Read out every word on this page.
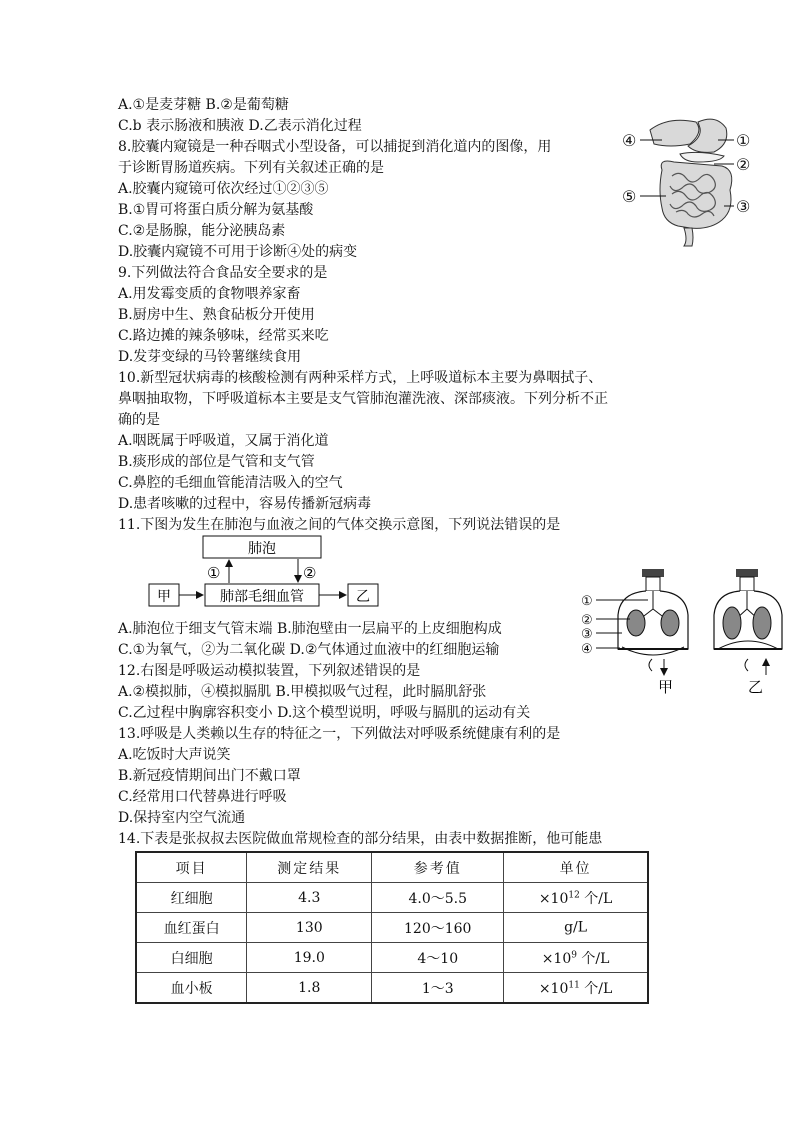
A.①是麦芽糖 B.②是葡萄糖
C.b 表示肠液和胰液 D.乙表示消化过程
8.胶囊内窥镜是一种吞咽式小型设备，可以捕捉到消化道内的图像，用
于诊断胃肠道疾病。下列有关叙述正确的是
A.胶囊内窥镜可依次经过①②③⑤
B.①胃可将蛋白质分解为氨基酸
C.②是肠腺，能分泌胰岛素
D.胶囊内窥镜不可用于诊断④处的病变
9.下列做法符合食品安全要求的是
A.用发霉变质的食物喂养家畜
B.厨房中生、熟食砧板分开使用
C.路边摊的辣条够味，经常买来吃
D.发芽变绿的马铃薯继续食用
10.新型冠状病毒的核酸检测有两种采样方式，上呼吸道标本主要为鼻咽拭子、
鼻咽抽取物，下呼吸道标本主要是支气管肺泡灌洗液、深部痰液。下列分析不正
确的是
A.咽既属于呼吸道，又属于消化道
B.痰形成的部位是气管和支气管
C.鼻腔的毛细血管能清洁吸入的空气
D.患者咳嗽的过程中，容易传播新冠病毒
11.下图为发生在肺泡与血液之间的气体交换示意图，下列说法错误的是
A.肺泡位于细支气管末端 B.肺泡壁由一层扁平的上皮细胞构成
C.①为氧气，②为二氧化碳 D.②气体通过血液中的红细胞运输
12.右图是呼吸运动模拟装置，下列叙述错误的是
A.②模拟肺，④模拟膈肌 B.甲模拟吸气过程，此时膈肌舒张
C.乙过程中胸廓容积变小 D.这个模型说明，呼吸与膈肌的运动有关
13.呼吸是人类赖以生存的特征之一，下列做法对呼吸系统健康有利的是
A.吃饭时大声说笑
B.新冠疫情期间出门不戴口罩
C.经常用口代替鼻进行呼吸
D.保持室内空气流通
14.下表是张叔叔去医院做血常规检查的部分结果，由表中数据推断，他可能患
①
②
③
④
⑤
肺泡
肺部毛细血管
甲	乙
①	②
①
②
③
④
甲	乙
项目	测定结果	参考值	单位
红细胞	4.3	4.0～5.5	$\times 10^{12}$ 个/L
血红蛋白	130	120～160	g/L
白细胞	19.0	4～10	$\times 10^9$ 个/L
血小板	1.8	1～3	$\times 10^{11}$ 个/L
